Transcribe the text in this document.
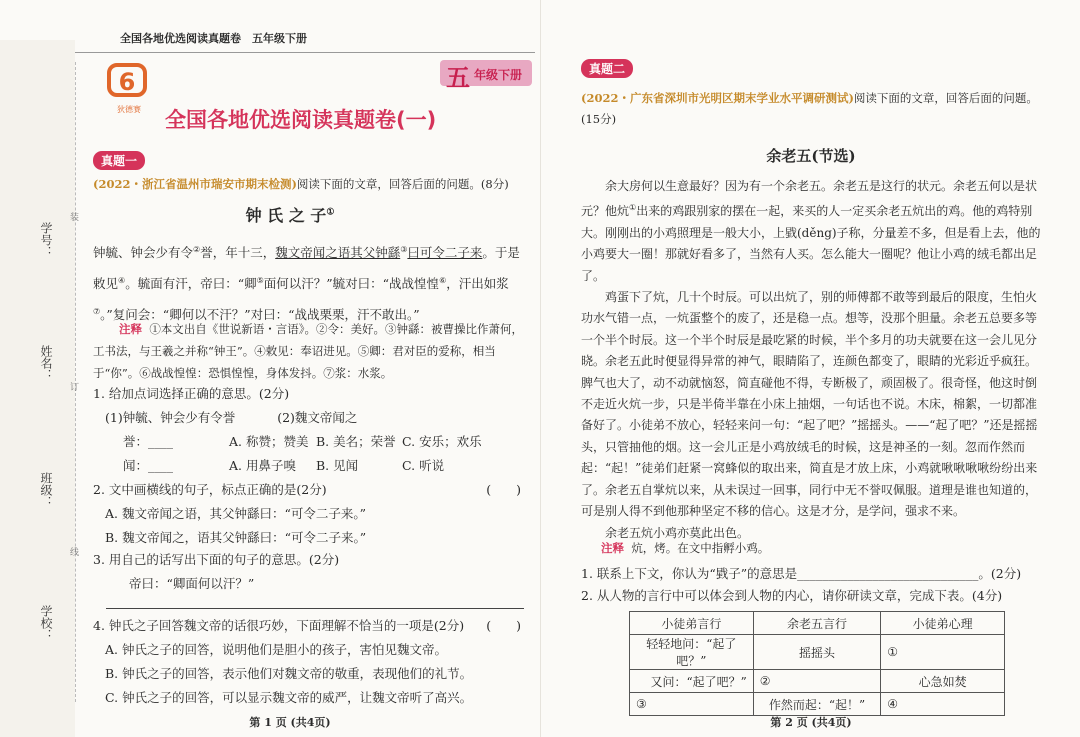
全国各地优选阅读真题卷　五年级下册
6
狄德赛
五 年级下册
全国各地优选阅读真题卷(一)
学号：
姓名：
班级：
学校：
装
订
线
真题一
(2022・浙江省温州市瑞安市期末检测)阅读下面的文章，回答后面的问题。(8分)
钟 氏 之 子①
钟毓、钟会少有令②誉，年十三，魏文帝闻之语其父钟繇③曰可令二子来。于是敕见④。毓面有汗，帝曰：“卿⑤面何以汗？”毓对曰：“战战惶惶⑥，汗出如浆⑦。”复问会：“卿何以不汗？”对曰：“战战栗栗，汗不敢出。”
注释 ①本文出自《世说新语・言语》。②令：美好。③钟繇：被曹操比作萧何，工书法，与王羲之并称“钟王”。④敕见：奉诏进见。⑤卿：君对臣的爱称，相当于“你”。⑥战战惶惶：恐惧惶惶，身体发抖。⑦浆：水浆。
1. 给加点词选择正确的意思。(2分)
(1)钟毓、钟会少有令誉	(2)魏文帝闻之
誉：____	A. 称赞；赞美 B. 美名；荣誉 C. 安乐；欢乐
闻：____	A. 用鼻子嗅	B. 见闻	C. 听说
2. 文中画横线的句子，标点正确的是(2分)	(　　)
A. 魏文帝闻之语，其父钟繇曰：“可令二子来。”
B. 魏文帝闻之，语其父钟繇曰：“可令二子来。”
3. 用自己的话写出下面的句子的意思。(2分)
帝曰：“卿面何以汗？”
4. 钟氏之子回答魏文帝的话很巧妙，下面理解不恰当的一项是(2分) (　　)
A. 钟氏之子的回答，说明他们是胆小的孩子，害怕见魏文帝。
B. 钟氏之子的回答，表示他们对魏文帝的敬重，表现他们的礼节。
C. 钟氏之子的回答，可以显示魏文帝的威严，让魏文帝听了高兴。
第 1 页 (共4页)
真题二
(2022・广东省深圳市光明区期末学业水平调研测试)阅读下面的文章，回答后面的问题。
(15分)
余老五(节选)
余大房何以生意最好？因为有一个余老五。余老五是这行的状元。余老五何以是状元？他炕①出来的鸡跟别家的摆在一起，来买的人一定买余老五炕出的鸡。他的鸡特别大。刚刚出的小鸡照理是一般大小，上戥(děng)子称，分量差不多，但是看上去，他的小鸡要大一圈！那就好看多了，当然有人买。怎么能大一圈呢？他让小鸡的绒毛都出足了。
鸡蛋下了炕，几十个时辰。可以出炕了，别的师傅都不敢等到最后的限度，生怕火功水气错一点，一炕蛋整个的废了，还是稳一点。想等，没那个胆量。余老五总要多等一个半个时辰。这一个半个时辰是最吃紧的时候，半个多月的功夫就要在这一会儿见分晓。余老五此时便显得异常的神气，眼睛陷了，连颜色都变了，眼睛的光彩近乎疯狂。脾气也大了，动不动就恼怒，简直碰他不得，专断极了，顽固极了。很奇怪，他这时倒不走近火炕一步，只是半倚半靠在小床上抽烟，一句话也不说。木床，棉絮，一切都准备好了。小徒弟不放心，轻轻来问一句：“起了吧？”摇摇头。——“起了吧？”还是摇摇头，只管抽他的烟。这一会儿正是小鸡放绒毛的时候，这是神圣的一刻。忽而作然而起：“起！”徒弟们赶紧一窝蜂似的取出来，简直是才放上床，小鸡就啾啾啾啾纷纷出来了。余老五自掌炕以来，从未误过一回事，同行中无不誉叹佩服。道理是谁也知道的，可是别人得不到他那种坚定不移的信心。这是才分，是学问，强求不来。
余老五炕小鸡亦莫此出色。
注释 炕，烤。在文中指孵小鸡。
1. 联系上下文，你认为“戥子”的意思是_____________________________。(2分)
2. 从人物的言行中可以体会到人物的内心，请你研读文章，完成下表。(4分)
小徒弟言行	余老五言行	小徒弟心理
轻轻地问：“起了吧？”	摇摇头	①
又问：“起了吧？”	②	心急如焚
③	作然而起：“起！”	④
第 2 页 (共4页)
